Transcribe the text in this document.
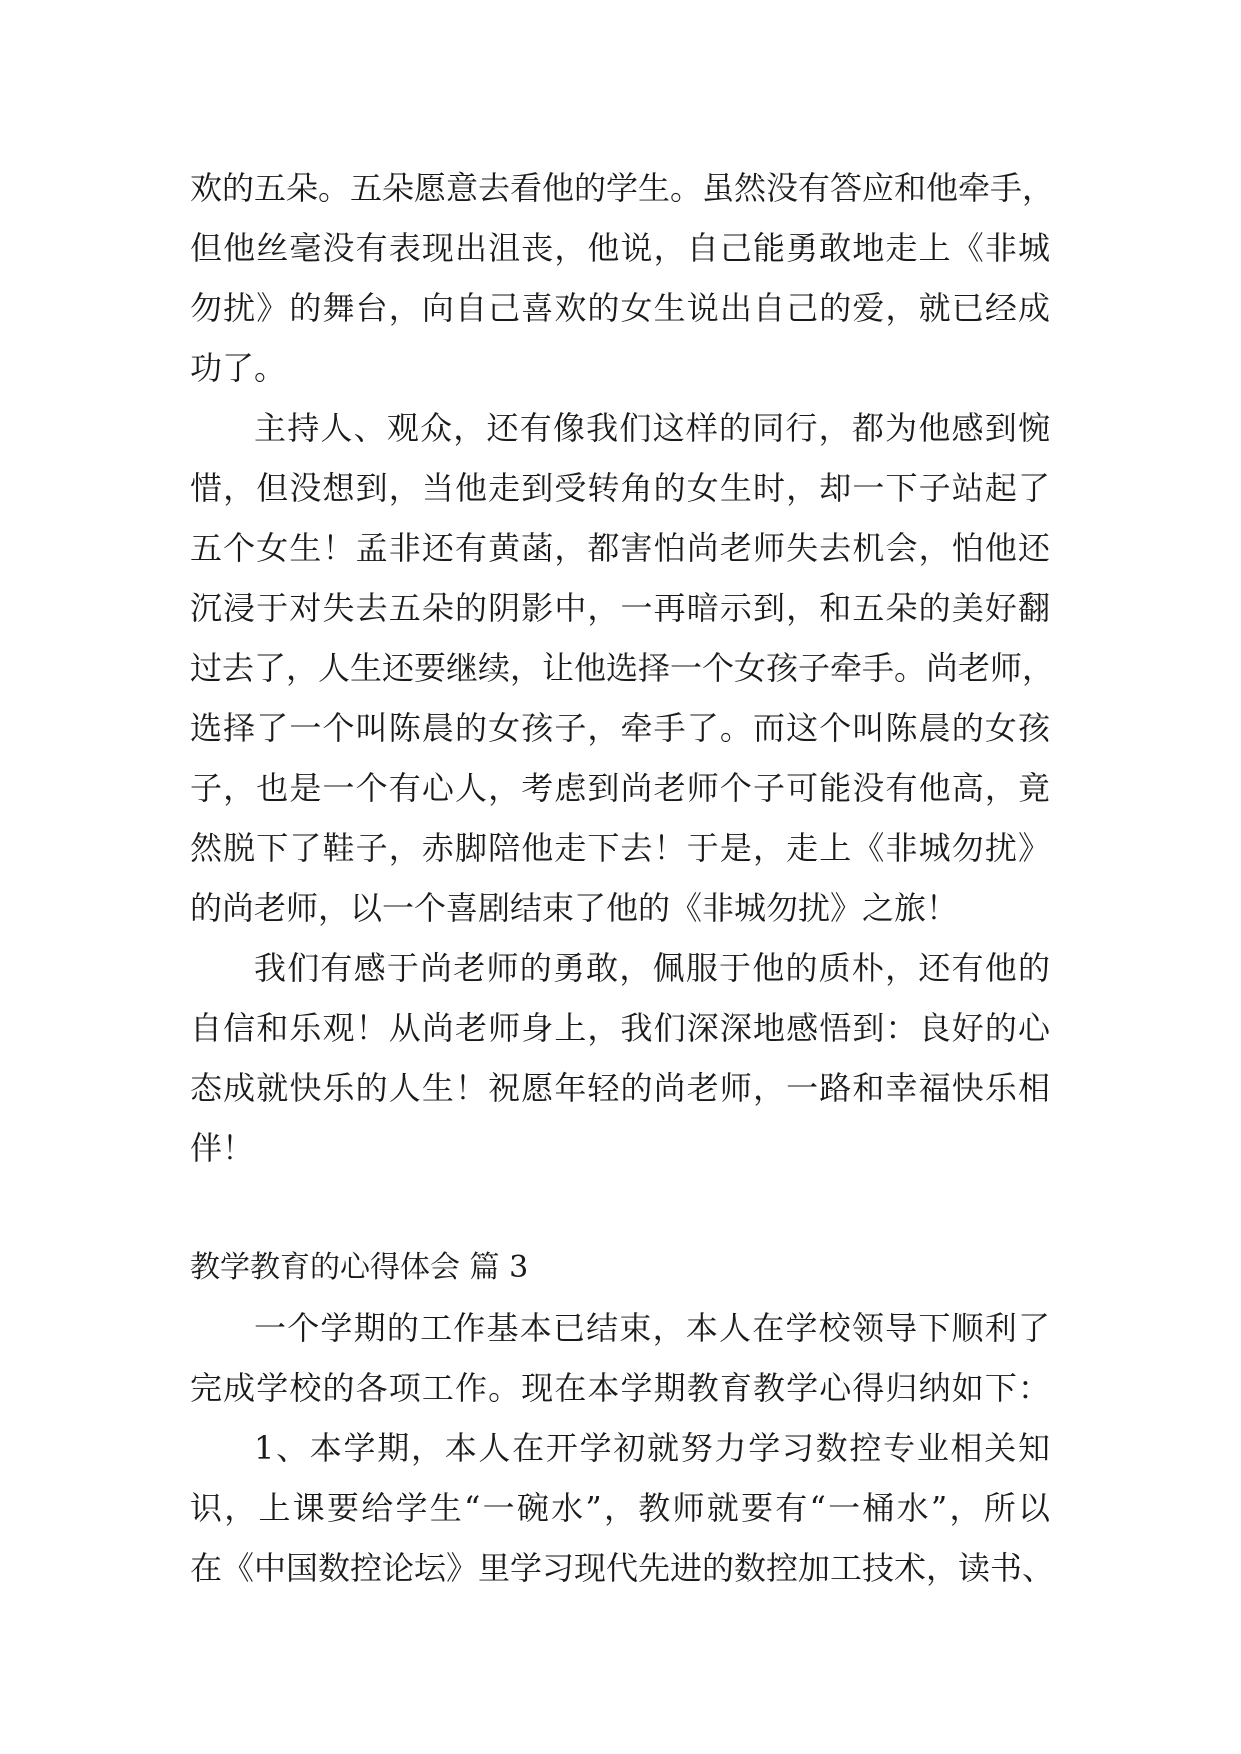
欢的五朵。五朵愿意去看他的学生。虽然没有答应和他牵手，
但他丝毫没有表现出沮丧，他说，自己能勇敢地走上《非城
勿扰》的舞台，向自己喜欢的女生说出自己的爱，就已经成
功了。
主持人、观众，还有像我们这样的同行，都为他感到惋
惜，但没想到，当他走到受转角的女生时，却一下子站起了
五个女生！孟非还有黄菡，都害怕尚老师失去机会，怕他还
沉浸于对失去五朵的阴影中，一再暗示到，和五朵的美好翻
过去了，人生还要继续，让他选择一个女孩子牵手。尚老师，
选择了一个叫陈晨的女孩子，牵手了。而这个叫陈晨的女孩
子，也是一个有心人，考虑到尚老师个子可能没有他高，竟
然脱下了鞋子，赤脚陪他走下去！于是，走上《非城勿扰》
的尚老师，以一个喜剧结束了他的《非城勿扰》之旅！
我们有感于尚老师的勇敢，佩服于他的质朴，还有他的
自信和乐观！从尚老师身上，我们深深地感悟到：良好的心
态成就快乐的人生！祝愿年轻的尚老师，一路和幸福快乐相
伴！
教学教育的心得体会 篇 3
一个学期的工作基本已结束，本人在学校领导下顺利了
完成学校的各项工作。现在本学期教育教学心得归纳如下：
1、本学期，本人在开学初就努力学习数控专业相关知
识，上课要给学生“一碗水”，教师就要有“一桶水”，所以
在《中国数控论坛》里学习现代先进的数控加工技术，读书、
